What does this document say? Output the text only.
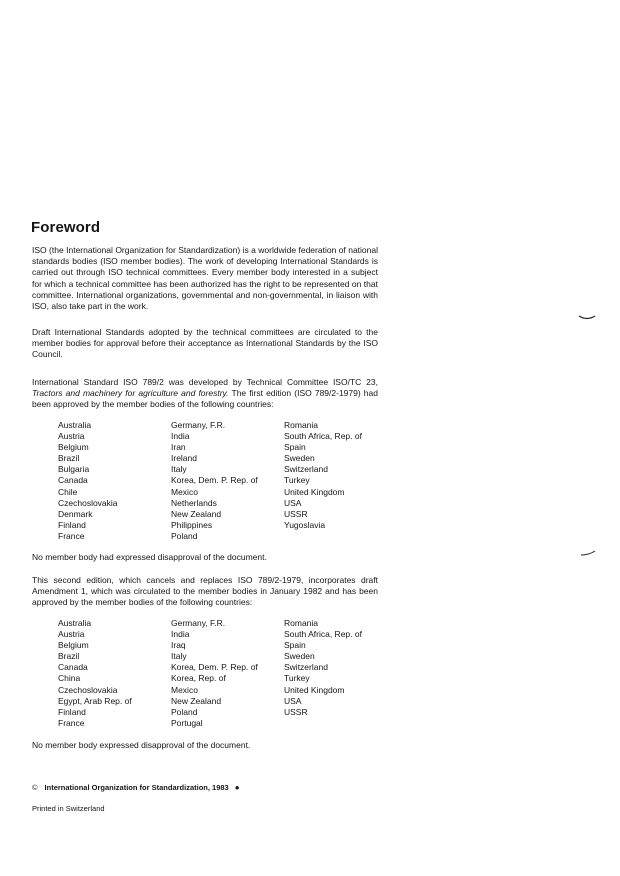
Foreword

ISO (the International Organization for Standardization) is a worldwide federation of national standards bodies (ISO member bodies). The work of developing International Standards is carried out through ISO technical committees. Every member body interested in a subject for which a technical committee has been authorized has the right to be represented on that committee. International organizations, governmental and non-governmental, in liaison with ISO, also take part in the work.

Draft International Standards adopted by the technical committees are circulated to the member bodies for approval before their acceptance as International Standards by the ISO Council.

International Standard ISO 789/2 was developed by Technical Committee ISO/TC 23, Tractors and machinery for agriculture and forestry. The first edition (ISO 789/2-1979) had been approved by the member bodies of the following countries:

Australia
Austria
Belgium
Brazil
Bulgaria
Canada
Chile
Czechoslovakia
Denmark
Finland
France
Germany, F.R.
India
Iran
Ireland
Italy
Korea, Dem. P. Rep. of
Mexico
Netherlands
New Zealand
Philippines
Poland
Romania
South Africa, Rep. of
Spain
Sweden
Switzerland
Turkey
United Kingdom
USA
USSR
Yugoslavia

No member body had expressed disapproval of the document.

This second edition, which cancels and replaces ISO 789/2-1979, incorporates draft Amendment 1, which was circulated to the member bodies in January 1982 and has been approved by the member bodies of the following countries:

Australia
Austria
Belgium
Brazil
Canada
China
Czechoslovakia
Egypt, Arab Rep. of
Finland
France
Germany, F.R.
India
Iraq
Italy
Korea, Dem. P. Rep. of
Korea, Rep. of
Mexico
New Zealand
Poland
Portugal
Romania
South Africa, Rep. of
Spain
Sweden
Switzerland
Turkey
United Kingdom
USA
USSR

No member body expressed disapproval of the document.

© International Organization for Standardization, 1983 ●
Printed in Switzerland
